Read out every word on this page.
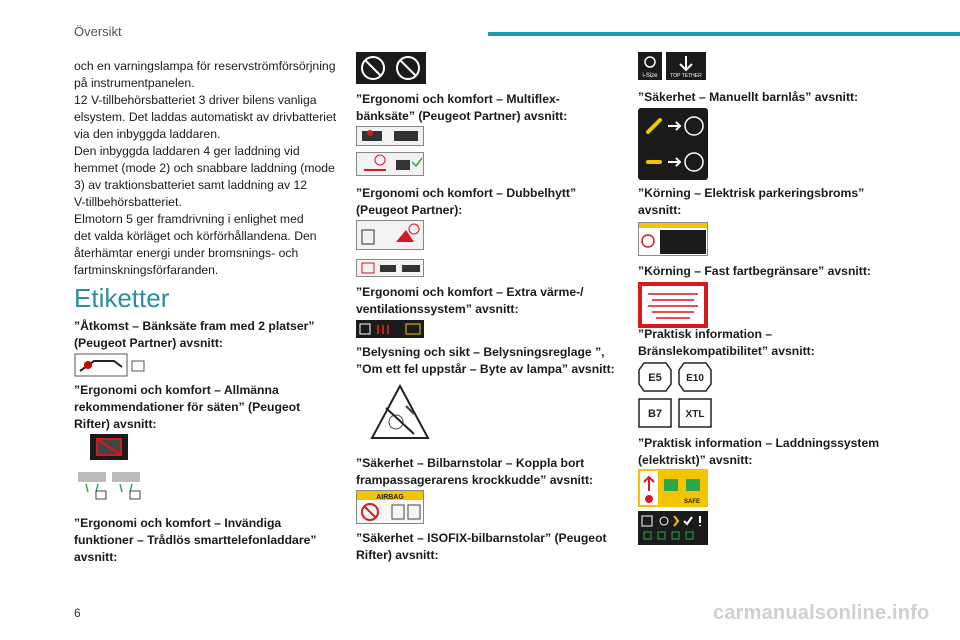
Översikt

och en varningslampa för reservströmförsörjning

på instrumentpanelen.

12 V-tillbehörsbatteriet 3 driver bilens vanliga

elsystem. Det laddas automatiskt av drivbatteriet

via den inbyggda laddaren.

Den inbyggda laddaren 4 ger laddning vid

hemmet (mode 2) och snabbare laddning (mode

3) av traktionsbatteriet samt laddning av 12

V-tillbehörsbatteriet.

Elmotorn 5 ger framdrivning i enlighet med

det valda körläget och körförhållandena. Den

återhämtar energi under bromsnings- och

fartminskningsförfaranden.

Etiketter

”Åtkomst – Bänksäte fram med 2 platser”

(Peugeot Partner) avsnitt:

”Ergonomi och komfort – Allmänna

rekommendationer för säten” (Peugeot

Rifter) avsnitt:

”Ergonomi och komfort – Invändiga

funktioner – Trådlös smarttelefonladdare”

avsnitt:

”Ergonomi och komfort – Multiflex-

bänksäte” (Peugeot Partner) avsnitt:

”Ergonomi och komfort – Dubbelhytt”

(Peugeot Partner):

”Ergonomi och komfort – Extra värme-/

ventilationssystem” avsnitt:

”Belysning och sikt – Belysningsreglage ”,

”Om ett fel uppstår – Byte av lampa” avsnitt:

”Säkerhet – Bilbarnstolar – Koppla bort

frampassagerarens krockkudde” avsnitt:

AIRBAG

”Säkerhet – ISOFIX-bilbarnstolar” (Peugeot

Rifter) avsnitt:

i-Size	TOP TETHER

”Säkerhet – Manuellt barnlås” avsnitt:

”Körning – Elektrisk parkeringsbroms”

avsnitt:

”Körning – Fast fartbegränsare” avsnitt:

”Praktisk information –

Bränslekompatibilitet” avsnitt:

E5 E10
B7 XTL

”Praktisk information – Laddningssystem

(elektriskt)” avsnitt:

SAFE
6	carmanualsonline.info
